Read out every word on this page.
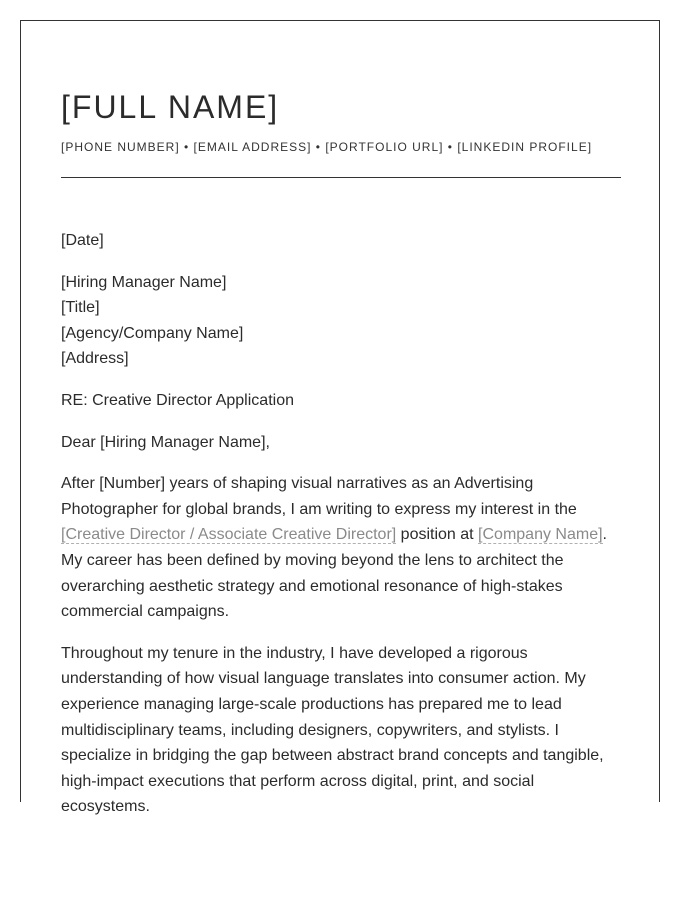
[FULL NAME]
[PHONE NUMBER] • [EMAIL ADDRESS] • [PORTFOLIO URL] • [LINKEDIN PROFILE]
[Date]
[Hiring Manager Name]
[Title]
[Agency/Company Name]
[Address]
RE: Creative Director Application
Dear [Hiring Manager Name],
After [Number] years of shaping visual narratives as an Advertising Photographer for global brands, I am writing to express my interest in the [Creative Director / Associate Creative Director] position at [Company Name]. My career has been defined by moving beyond the lens to architect the overarching aesthetic strategy and emotional resonance of high-stakes commercial campaigns.
Throughout my tenure in the industry, I have developed a rigorous understanding of how visual language translates into consumer action. My experience managing large-scale productions has prepared me to lead multidisciplinary teams, including designers, copywriters, and stylists. I specialize in bridging the gap between abstract brand concepts and tangible, high-impact executions that perform across digital, print, and social ecosystems.
